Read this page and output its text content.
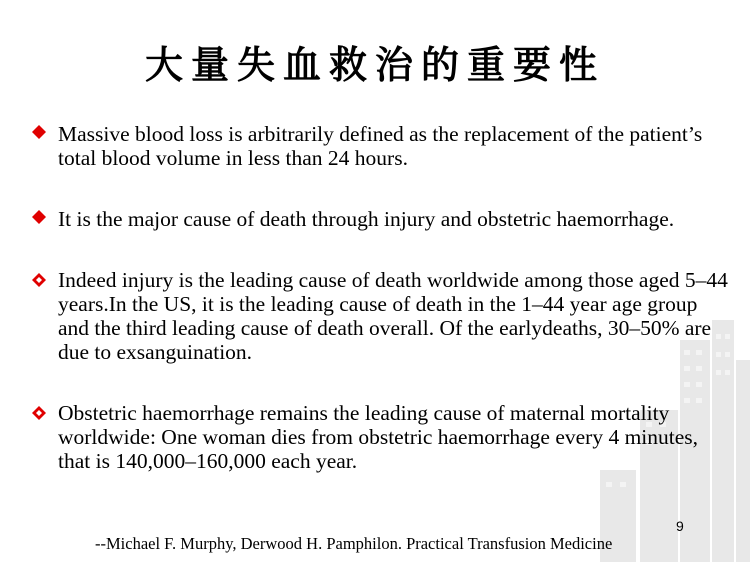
大量失血救治的重要性
Massive blood loss is arbitrarily defined as the replacement of the patient’s total blood volume in less than 24 hours.
It is the major cause of death through injury and obstetric haemorrhage.
Indeed injury is the leading cause of death worldwide among those aged 5–44 years.In the US, it is the leading cause of death in the 1–44 year age group and the third leading cause of death overall. Of the earlydeaths, 30–50% are due to exsanguination.
Obstetric haemorrhage remains the leading cause of maternal mortality worldwide: One woman dies from obstetric haemorrhage every 4 minutes, that is 140,000–160,000 each year.
9
--Michael F. Murphy, Derwood H. Pamphilon. Practical Transfusion Medicine
